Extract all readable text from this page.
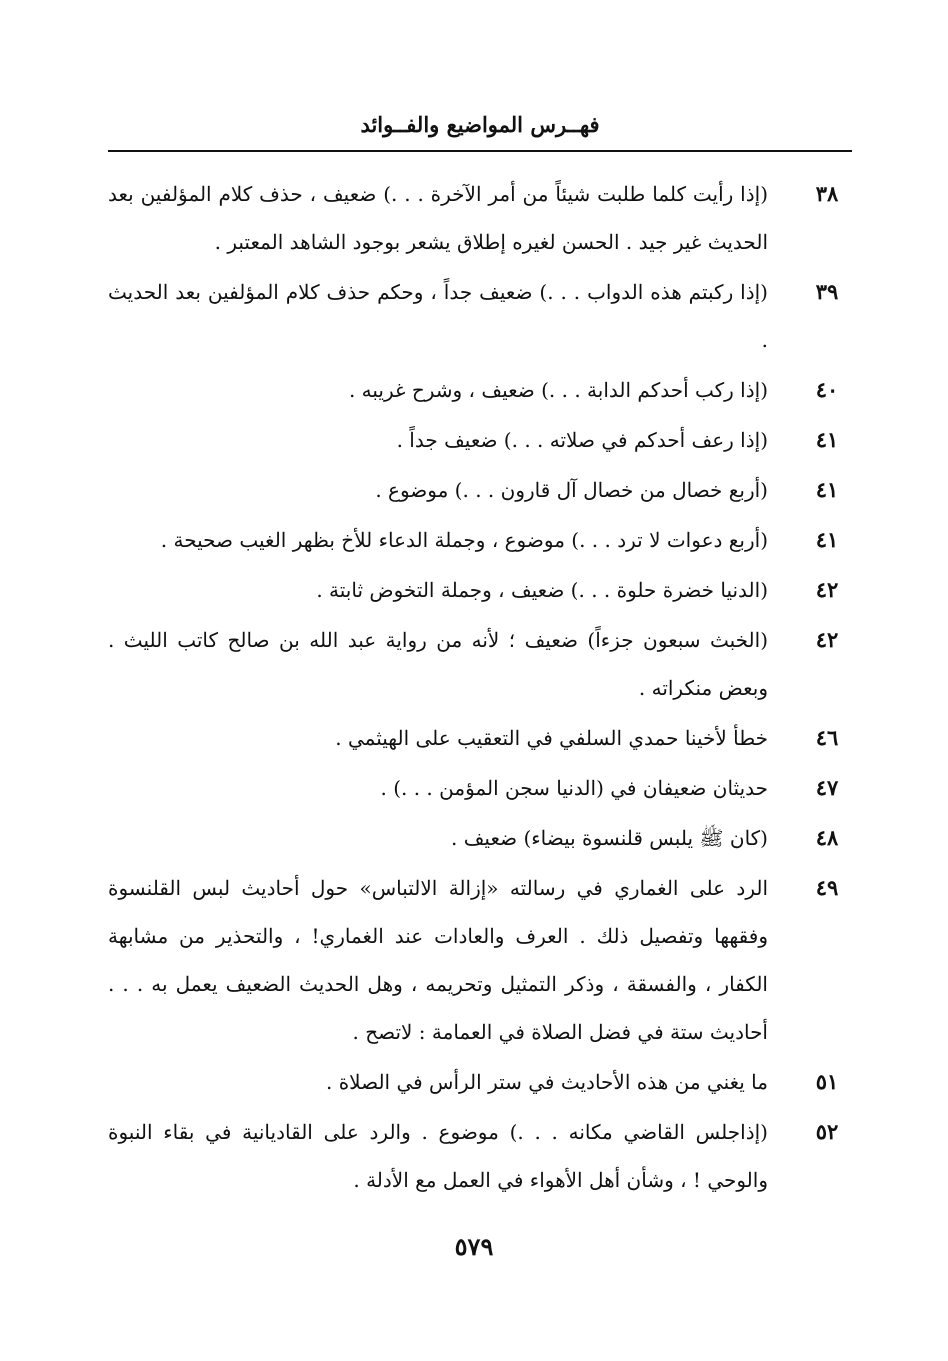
فهــرس المواضيع والفــوائد
٣٨
(إذا رأيت كلما طلبت شيئاً من أمر الآخرة . . .) ضعيف ، حذف كلام المؤلفين بعد الحديث غير جيد . الحسن لغيره إطلاق يشعر بوجود الشاهد المعتبر .
٣٩
(إذا ركبتم هذه الدواب . . .) ضعيف جداً ، وحكم حذف كلام المؤلفين بعد الحديث .
٤٠
(إذا ركب أحدكم الدابة . . .) ضعيف ، وشرح غريبه .
٤١
(إذا رعف أحدكم في صلاته . . .) ضعيف جداً .
٤١
(أربع خصال من خصال آل قارون . . .) موضوع .
٤١
(أربع دعوات لا ترد . . .) موضوع ، وجملة الدعاء للأخ بظهر الغيب صحيحة .
٤٢
(الدنيا خضرة حلوة . . .) ضعيف ، وجملة التخوض ثابتة .
٤٢
(الخبث سبعون جزءاً) ضعيف ؛ لأنه من رواية عبد الله بن صالح كاتب الليث . وبعض منكراته .
٤٦
خطأ لأخينا حمدي السلفي في التعقيب على الهيثمي .
٤٧
حديثان ضعيفان في (الدنيا سجن المؤمن . . .) .
٤٨
(كان ﷺ يلبس قلنسوة بيضاء) ضعيف .
٤٩
الرد على الغماري في رسالته «إزالة الالتباس» حول أحاديث لبس القلنسوة وفقهها وتفصيل ذلك . العرف والعادات عند الغماري! ، والتحذير من مشابهة الكفار ، والفسقة ، وذكر التمثيل وتحريمه ، وهل الحديث الضعيف يعمل به . . . أحاديث ستة في فضل الصلاة في العمامة : لاتصح .
٥١
ما يغني من هذه الأحاديث في ستر الرأس في الصلاة .
٥٢
(إذاجلس القاضي مكانه . . .) موضوع . والرد على القاديانية في بقاء النبوة والوحي ! ، وشأن أهل الأهواء في العمل مع الأدلة .
٥٧٩
